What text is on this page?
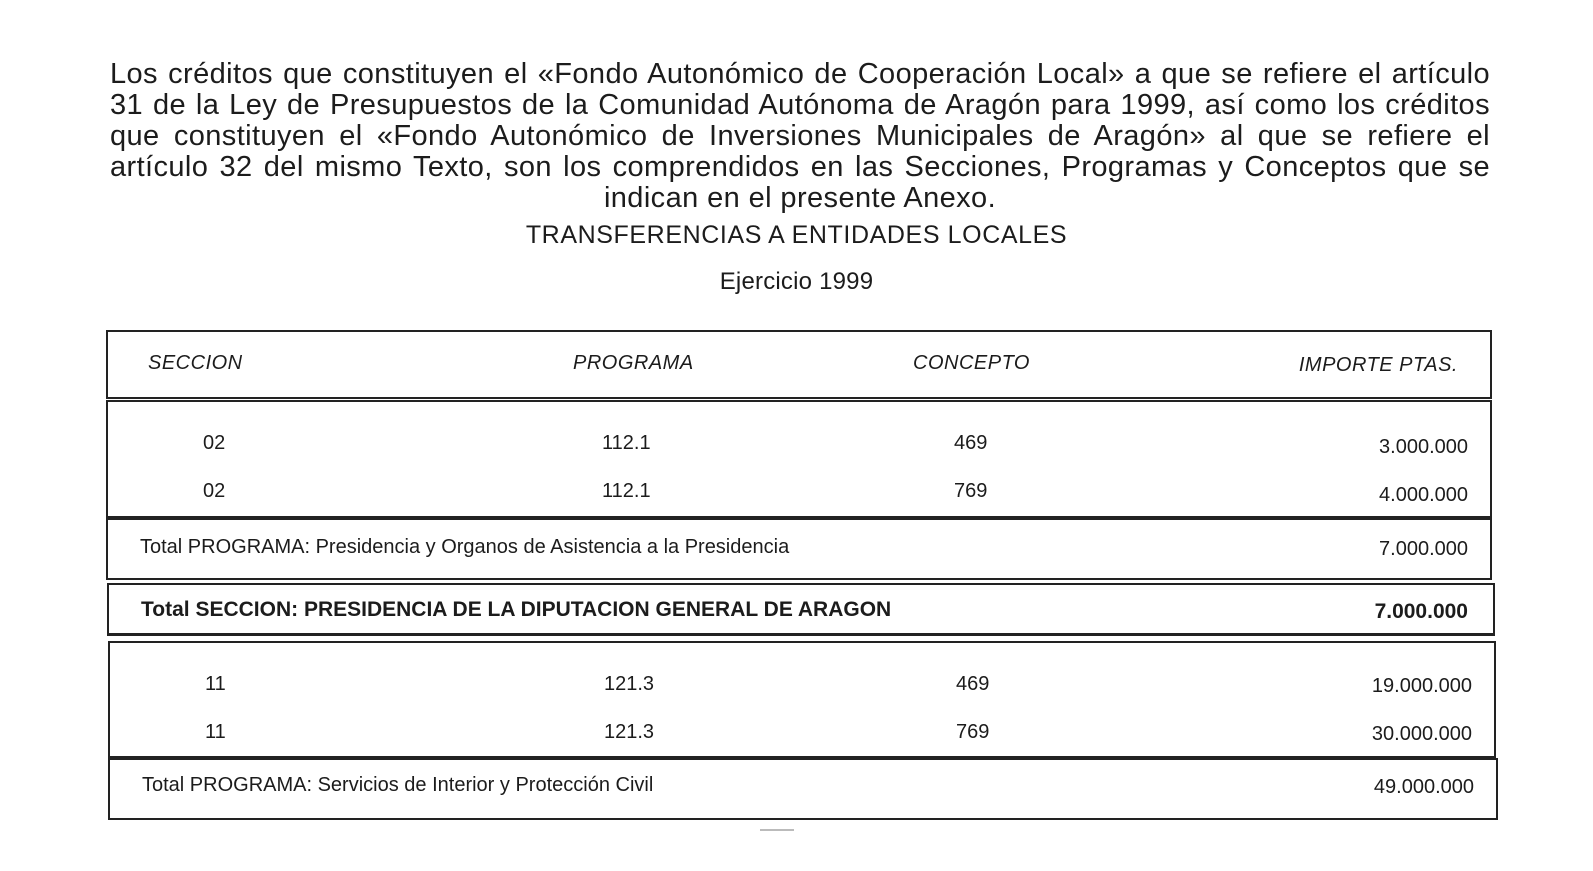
Los créditos que constituyen el «Fondo Autonómico de Cooperación Local» a que se refiere el artículo 31 de la Ley de Presupuestos de la Comunidad Autónoma de Aragón para 1999, así como los créditos que constituyen el «Fondo Autonómico de Inversiones Municipales de Aragón» al que se refiere el artículo 32 del mismo Texto, son los comprendidos en las Secciones, Programas y Conceptos que se indican en el presente Anexo.

TRANSFERENCIAS A ENTIDADES LOCALES
Ejercicio 1999
SECCION	PROGRAMA	CONCEPTO	IMPORTE PTAS.
02	112.1	469	3.000.000
02	112.1	769	4.000.000
Total PROGRAMA: Presidencia y Organos de Asistencia a la Presidencia	7.000.000
Total SECCION: PRESIDENCIA DE LA DIPUTACION GENERAL DE ARAGON	7.000.000
11	121.3	469	19.000.000
11	121.3	769	30.000.000
Total PROGRAMA: Servicios de Interior y Protección Civil	49.000.000
